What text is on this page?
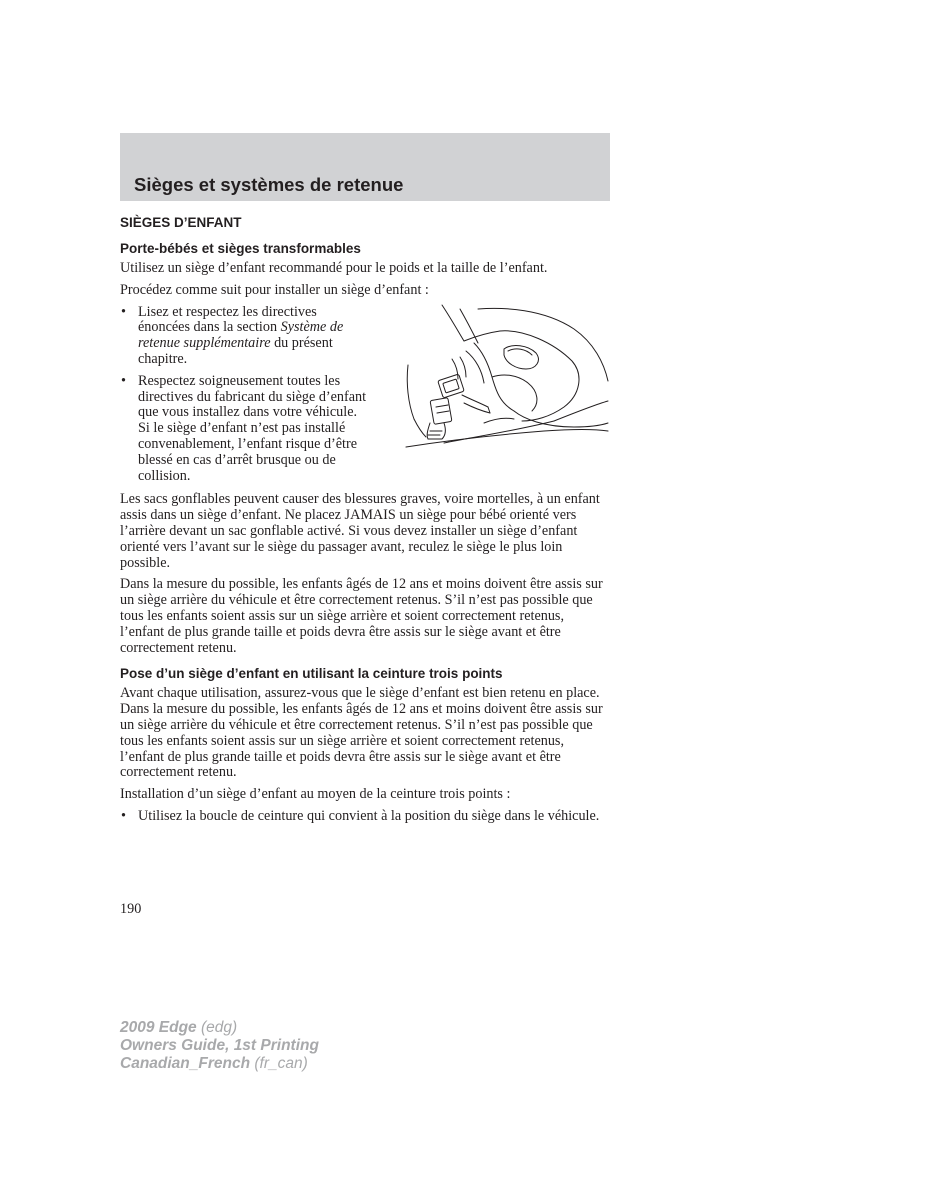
Sièges et systèmes de retenue
SIÈGES D’ENFANT
Porte-bébés et sièges transformables

Utilisez un siège d’enfant recommandé pour le poids et la taille de l’enfant.

Procédez comme suit pour installer un siège d’enfant :

• Lisez et respectez les directives énoncées dans la section Système de retenue supplémentaire du présent chapitre.
• Respectez soigneusement toutes les directives du fabricant du siège d’enfant que vous installez dans votre véhicule. Si le siège d’enfant n’est pas installé convenablement, l’enfant risque d’être blessé en cas d’arrêt brusque ou de collision.

Les sacs gonflables peuvent causer des blessures graves, voire mortelles, à un enfant assis dans un siège d’enfant. Ne placez JAMAIS un siège pour bébé orienté vers l’arrière devant un sac gonflable activé. Si vous devez installer un siège d’enfant orienté vers l’avant sur le siège du passager avant, reculez le siège le plus loin possible.

Dans la mesure du possible, les enfants âgés de 12 ans et moins doivent être assis sur un siège arrière du véhicule et être correctement retenus. S’il n’est pas possible que tous les enfants soient assis sur un siège arrière et soient correctement retenus, l’enfant de plus grande taille et poids devra être assis sur le siège avant et être correctement retenu.

Pose d’un siège d’enfant en utilisant la ceinture trois points

Avant chaque utilisation, assurez-vous que le siège d’enfant est bien retenu en place. Dans la mesure du possible, les enfants âgés de 12 ans et moins doivent être assis sur un siège arrière du véhicule et être correctement retenus. S’il n’est pas possible que tous les enfants soient assis sur un siège arrière et soient correctement retenus, l’enfant de plus grande taille et poids devra être assis sur le siège avant et être correctement retenu.

Installation d’un siège d’enfant au moyen de la ceinture trois points :

• Utilisez la boucle de ceinture qui convient à la position du siège dans le véhicule.
190
2009 Edge (edg)
Owners Guide, 1st Printing
Canadian_French (fr_can)
